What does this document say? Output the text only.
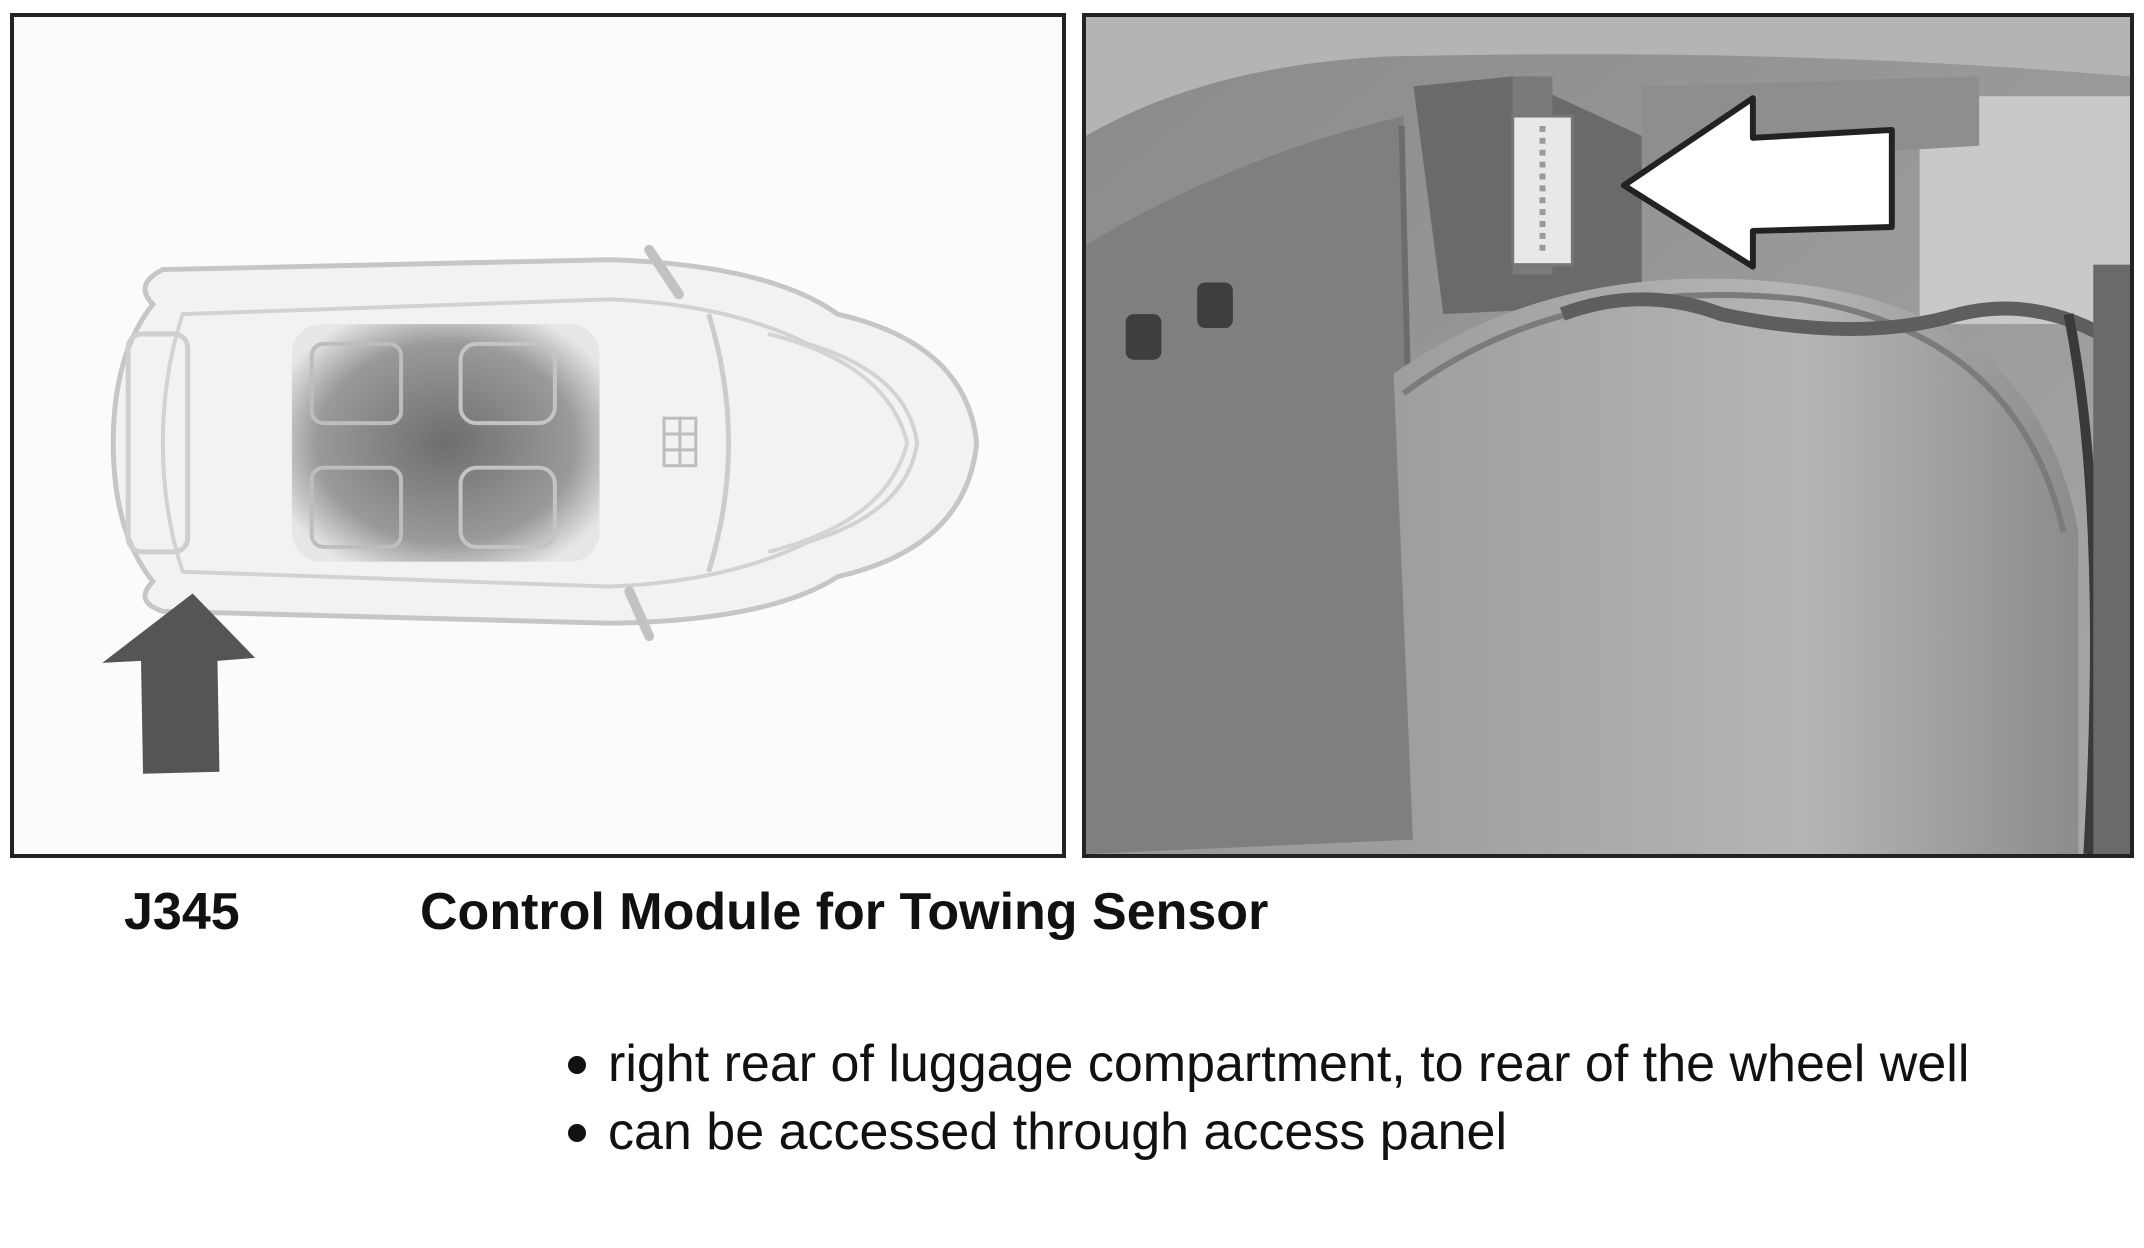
J345	Control Module for Towing Sensor
right rear of luggage compartment, to rear of the wheel well
can be accessed through access panel
